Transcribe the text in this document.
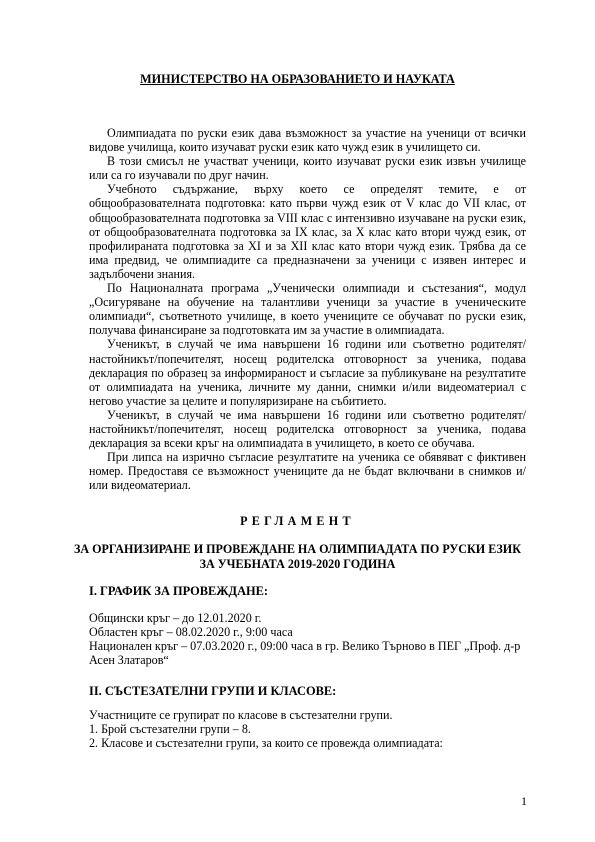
МИНИСТЕРСТВО НА ОБРАЗОВАНИЕТО И НАУКАТА

Олимпиадата по руски език дава възможност за участие на ученици от всички видове училища, които изучават руски език като чужд език в училището си.

В този смисъл не участват ученици, които изучават руски език извън училище или са го изучавали по друг начин.

Учебното съдържание, върху което се определят темите, е от общообразователната подготовка: като първи чужд език от V клас до VII клас, от общообразователната подготовка за VIII клас с интензивно изучаване на руски език, от общообразователната подготовка за IX клас, за X клас като втори чужд език, от профилираната подготовка за XI и за XII клас като втори чужд език. Трябва да се има предвид, че олимпиадите са предназначени за ученици с изявен интерес и задълбочени знания.

По Националната програма „Ученически олимпиади и състезания“, модул „Осигуряване на обучение на талантливи ученици за участие в ученическите олимпиади“, съответното училище, в което учениците се обучават по руски език, получава финансиране за подготовката им за участие в олимпиадата.

Ученикът, в случай че има навършени 16 години или съответно родителят/настойникът/попечителят, носещ родителска отговорност за ученика, подава декларация по образец за информираност и съгласие за публикуване на резултатите от олимпиадата на ученика, личните му данни, снимки и/или видеоматериал с негово участие за целите и популяризиране на събитието.

Ученикът, в случай че има навършени 16 години или съответно родителят/настойникът/попечителят, носещ родителска отговорност за ученика, подава декларация за всеки кръг на олимпиадата в училището, в което се обучава.

При липса на изрично съгласие резултатите на ученика се обявяват с фиктивен номер. Предоставя се възможност учениците да не бъдат включвани в снимков и/или видеоматериал.

РЕГЛАМЕНТ
ЗА ОРГАНИЗИРАНЕ И ПРОВЕЖДАНЕ НА ОЛИМПИАДАТА ПО РУСКИ ЕЗИК
ЗА УЧЕБНАТА 2019-2020 ГОДИНА
I. ГРАФИК ЗА ПРОВЕЖДАНЕ:
Общински кръг – до 12.01.2020 г.
Областен кръг – 08.02.2020 г., 9:00 часа
Национален кръг – 07.03.2020 г., 09:00 часа в гр. Велико Търново в ПЕГ „Проф. д-р
Асен Златаров“
II. СЪСТЕЗАТЕЛНИ ГРУПИ И КЛАСОВЕ:
Участниците се групират по класове в състезателни групи.
1. Брой състезателни групи – 8.
2. Класове и състезателни групи, за които се провежда олимпиадата:
1
